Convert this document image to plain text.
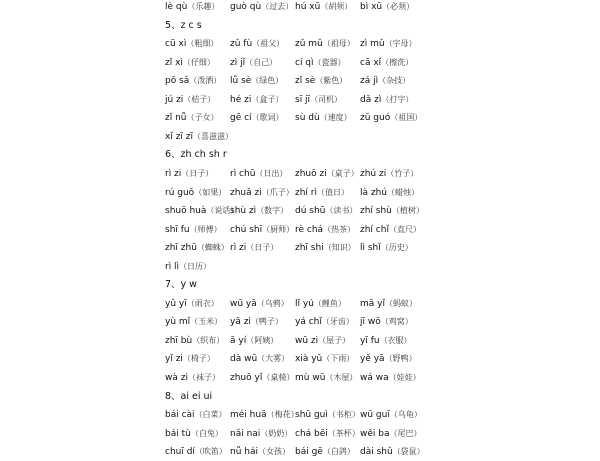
lè qù（乐趣） guò qù（过去） hú xū（胡须） bì xū（必须）
5、z c s
cū xì（粗细） zǔ fù（祖父） zǔ mǔ（祖母） zì mǔ（字母）
zǐ xì（仔细） zì jǐ（自己） cí qì（瓷器） cā xǐ（擦洗）
pō sǎ（泼洒） lǜ sè（绿色） zǐ sè（紫色） zá jì（杂技）
jú zi（桔子） hé zi（盒子） sī jī（司机） dǎ zì（打字）
zǐ nǚ（子女） gē cí（歌词） sù dù（速度） zǔ guó（祖国）
xǐ zī zī（喜滋滋）
6、zh ch sh r
rì zi（日子） rì chū（日出） zhuō zi（桌子） zhú zi（竹子）
rú guǒ（如果） zhuǎ zi（爪子） zhí rì（值日） là zhú（蜡烛）
shuō huà（说话）
shù zì（数字） dú shū（读书） zhí shù（植树）
shī fu（师傅） chú shī（厨师） rè chá（热茶） zhí chǐ（直尺）
zhī zhū（蜘蛛） rì zi（日子） zhī shi（知识） lì shǐ（历史）
rì lì（日历）
7、y w
yǔ yī（雨衣） wū yā（乌鸦） lǐ yú（鲤鱼） mǎ yǐ（蚂蚁）
yù mǐ（玉米） yā zi（鸭子） yá chǐ（牙齿） jī wō（鸡窝）
zhī bù（织布） ā yí（阿姨） wū zi（屋子） yī fu（衣服）
yǐ zi（椅子） dà wū（大雾） xià yǔ（下雨） yě yā（野鸭）
wà zi（袜子） zhuō yǐ（桌椅） mù wū（木屋） wá wa（娃娃）
8、ai ei ui
bái cài（白菜） méi huā（梅花）
shū guì（书柜） wū guī（乌龟）
bái tù（白兔） nǎi nai（奶奶） chá bēi（茶杯） wěi ba（尾巴）
chuī dí（吹笛） nǚ hái（女孩） bái gē（白鸽） dài shǔ（袋鼠）
